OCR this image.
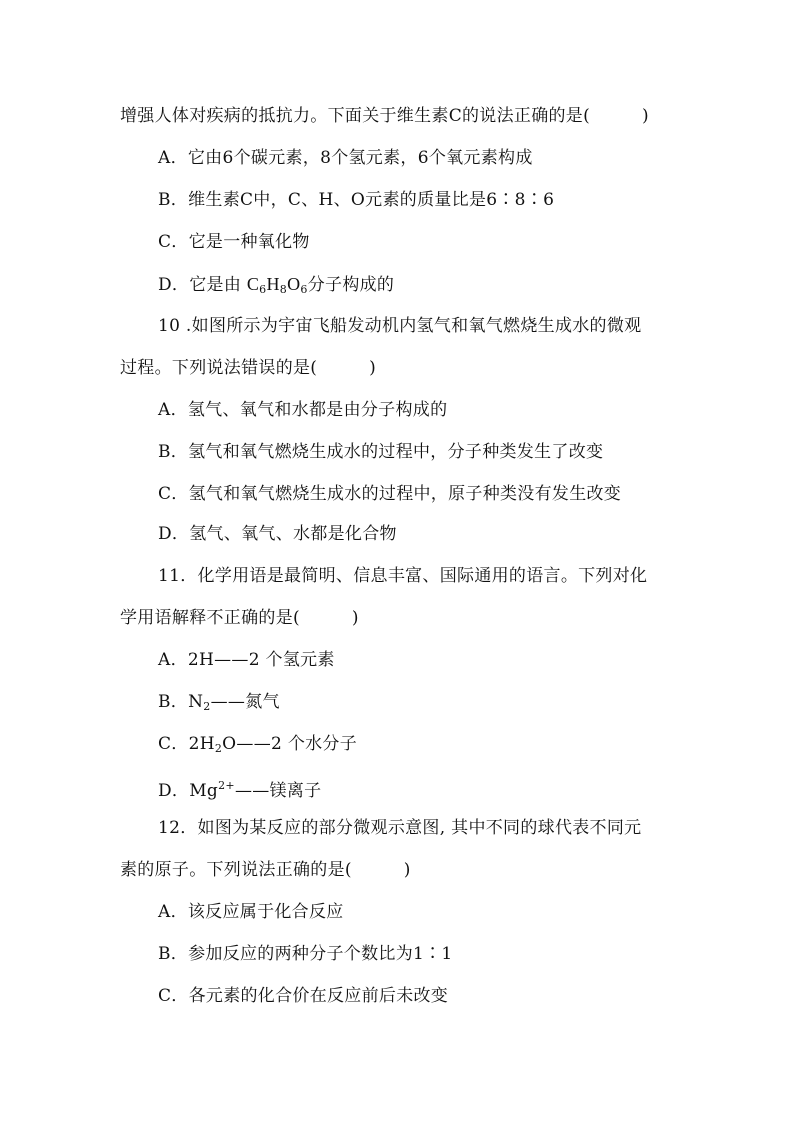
增强人体对疾病的抵抗力。下面关于维生素C的说法正确的是(　　　)
A．它由6个碳元素，8个氢元素，6个氧元素构成
B．维生素C中，C、H、O元素的质量比是6∶8∶6
C．它是一种氧化物
D．它是由 $C_6H_8O_6$分子构成的
10 .如图所示为宇宙飞船发动机内氢气和氧气燃烧生成水的微观
过程。下列说法错误的是(　　　)
A．氢气、氧气和水都是由分子构成的
B．氢气和氧气燃烧生成水的过程中，分子种类发生了改变
C．氢气和氧气燃烧生成水的过程中，原子种类没有发生改变
D．氢气、氧气、水都是化合物
11．化学用语是最简明、信息丰富、国际通用的语言。下列对化
学用语解释不正确的是(　　　)
A．2H——2 个氢元素
B．$N_2——$氮气
C．$2H_2O——2$ 个水分子
D．$Mg^{2+}——$镁离子
12．如图为某反应的部分微观示意图, 其中不同的球代表不同元
素的原子。下列说法正确的是(　　　)
A．该反应属于化合反应
B．参加反应的两种分子个数比为1∶1
C．各元素的化合价在反应前后未改变
